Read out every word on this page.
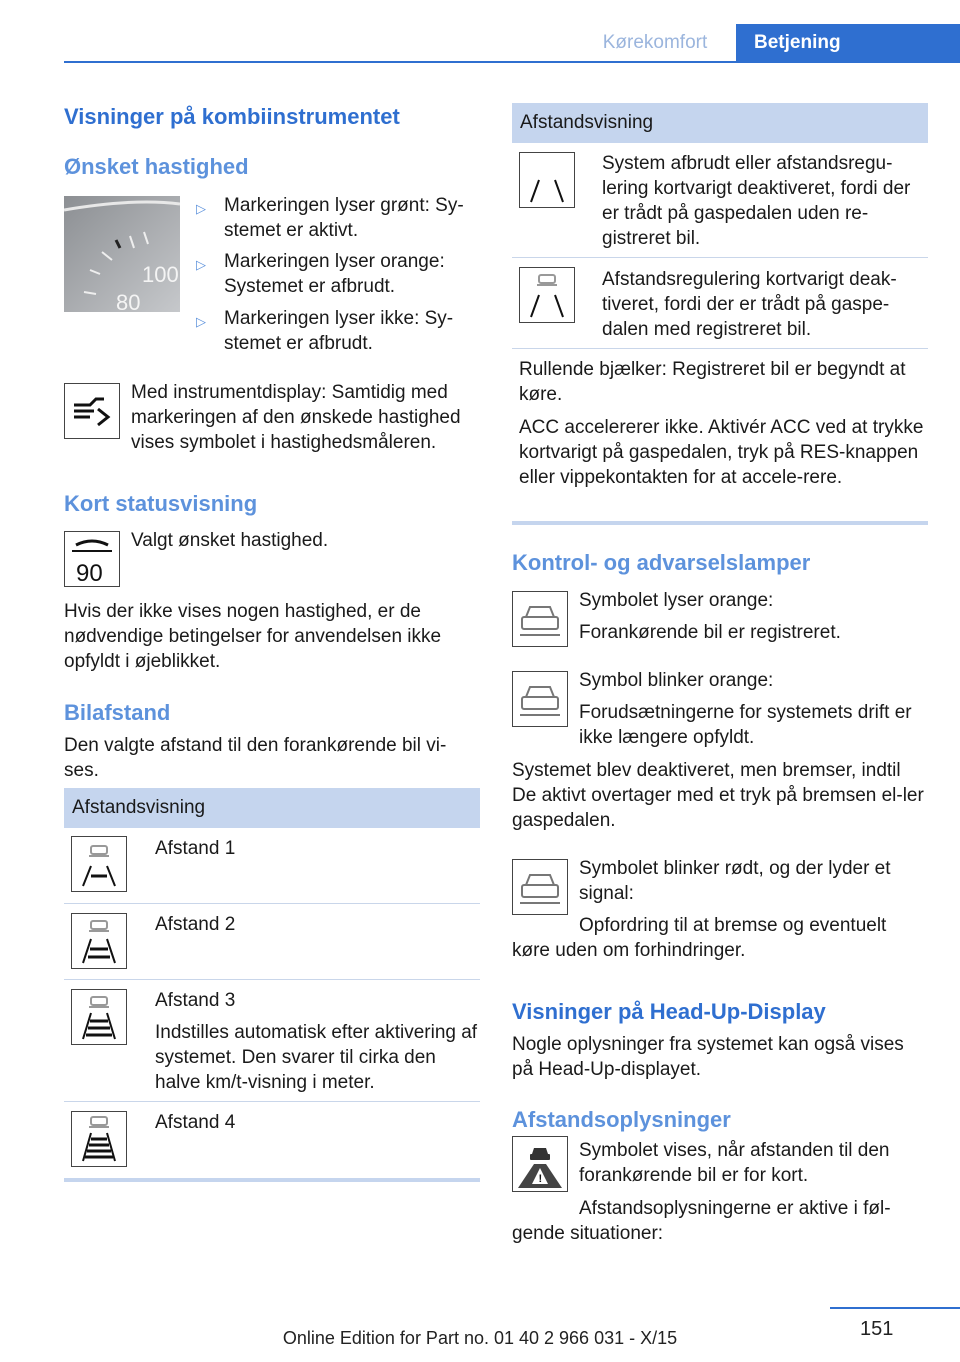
Kørekomfort	Betjening
Visninger på kombiinstrumentet
Ønsket hastighed
100
80
▷ Markeringen lyser grønt: Sy-
stemet er aktivt.
▷ Markeringen lyser orange:
Systemet er afbrudt.
▷ Markeringen lyser ikke: Sy-
stemet er afbrudt.
Med instrumentdisplay: Samtidig med markeringen af den ønskede hastighed vises symbolet i hastighedsmåleren.
Kort statusvisning
90
Valgt ønsket hastighed.
Hvis der ikke vises nogen hastighed, er de nødvendige betingelser for anvendelsen ikke opfyldt i øjeblikket.
Bilafstand
Den valgte afstand til den forankørende bil vi-ses.
Afstandsvisning
Afstand 1
Afstand 2
Afstand 3
Indstilles automatisk efter aktivering af systemet. Den svarer til cirka den halve km/t-visning i meter.
Afstand 4
Afstandsvisning
System afbrudt eller afstandsregu-lering kortvarigt deaktiveret, fordi der er trådt på gaspedalen uden re-gistreret bil.
Afstandsregulering kortvarigt deak-tiveret, fordi der er trådt på gaspe-dalen med registreret bil.
Rullende bjælker: Registreret bil er begyndt at køre.
ACC accelererer ikke. Aktivér ACC ved at trykke kortvarigt på gaspedalen, tryk på RES-knappen eller vippekontakten for at accele-rere.
Kontrol- og advarselslamper
Symbolet lyser orange:
Forankørende bil er registreret.
Symbol blinker orange:
Forudsætningerne for systemets drift er ikke længere opfyldt.
Systemet blev deaktiveret, men bremser, indtil De aktivt overtager med et tryk på bremsen el-ler gaspedalen.
Symbolet blinker rødt, og der lyder et signal:
Opfordring til at bremse og eventuelt
køre uden om forhindringer.
Visninger på Head-Up-Display
Nogle oplysninger fra systemet kan også vises på Head-Up-displayet.
Afstandsoplysninger
!
Symbolet vises, når afstanden til den forankørende bil er for kort.
Afstandsoplysningerne er aktive i føl-
gende situationer:
151
Online Edition for Part no. 01 40 2 966 031 - X/15
